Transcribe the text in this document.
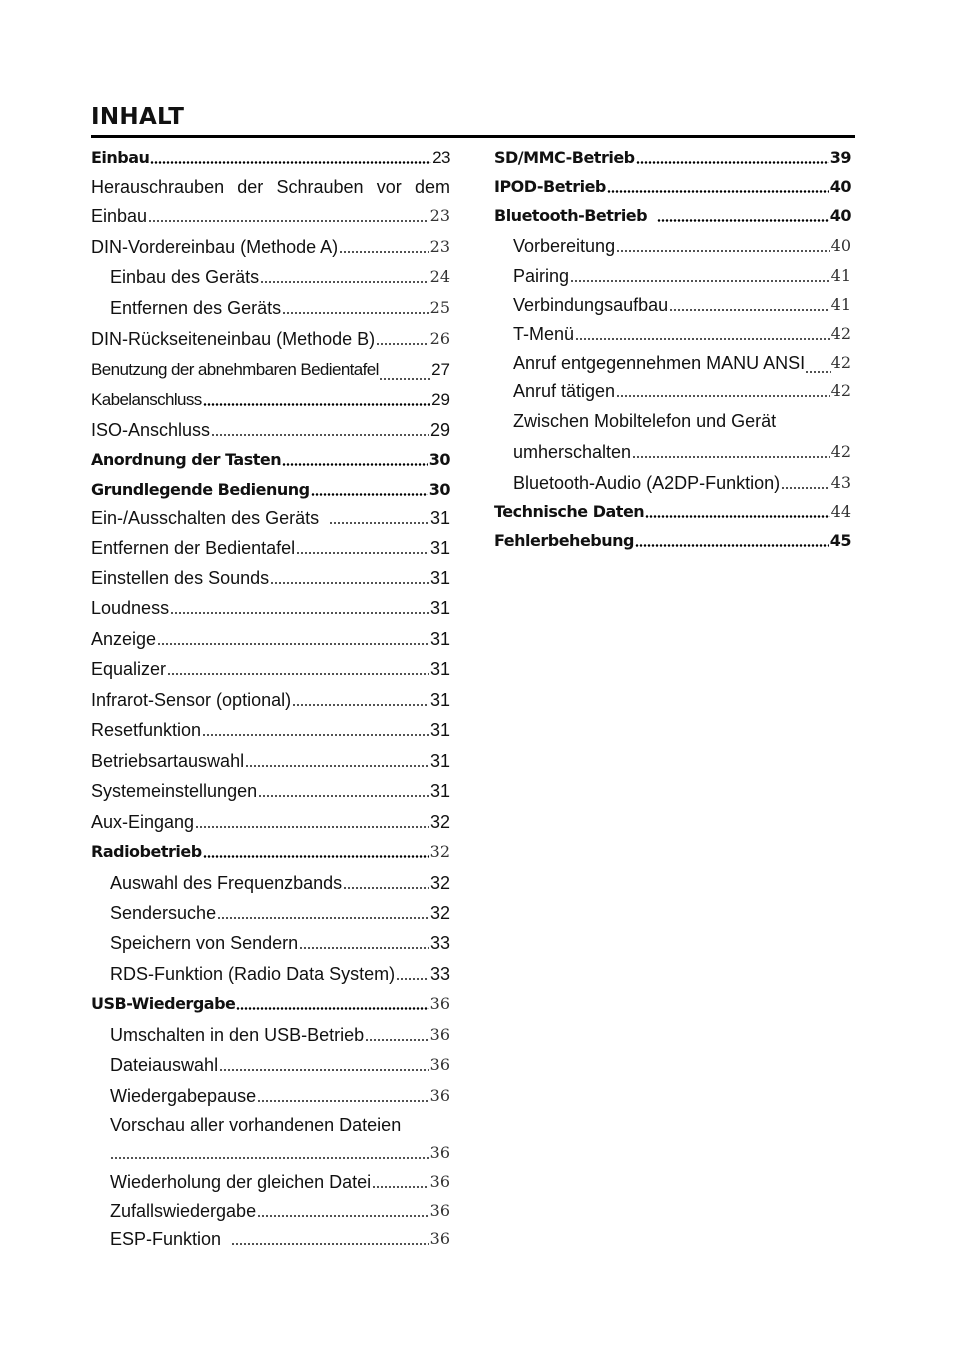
INHALT
Einbau	23
Herauschrauben der Schrauben vor dem
Einbau	23
DIN-Vordereinbau (Methode A)	23
Einbau des Geräts	24
Entfernen des Geräts	25
DIN-Rückseiteneinbau (Methode B)	26
Benutzung der abnehmbaren Bedientafel	27
Kabelanschluss	29
ISO-Anschluss	29
Anordnung der Tasten	30
Grundlegende Bedienung	30
Ein-/Ausschalten des Geräts	31
Entfernen der Bedientafel	31
Einstellen des Sounds	31
Loudness	31
Anzeige	31
Equalizer	31
Infrarot-Sensor (optional)	31
Resetfunktion	31
Betriebsartauswahl	31
Systemeinstellungen	31
Aux-Eingang	32
Radiobetrieb	32
Auswahl des Frequenzbands	32
Sendersuche	32
Speichern von Sendern	33
RDS-Funktion (Radio Data System) 33
USB-Wiedergabe	36
Umschalten in den USB-Betrieb	36
Dateiauswahl	36
Wiedergabepause	36
Vorschau aller vorhandenen Dateien
36
Wiederholung der gleichen Datei	36
Zufallswiedergabe	36
ESP-Funktion	36
SD/MMC-Betrieb	39
IPOD-Betrieb	40
Bluetooth-Betrieb	40
Vorbereitung	40
Pairing	41
Verbindungsaufbau	41
T-Menü	42
Anruf entgegennehmen MANU ANSI 42
Anruf tätigen	42
Zwischen Mobiltelefon und Gerät
umherschalten	42
Bluetooth-Audio (A2DP-Funktion)	43
Technische Daten	44
Fehlerbehebung	45
